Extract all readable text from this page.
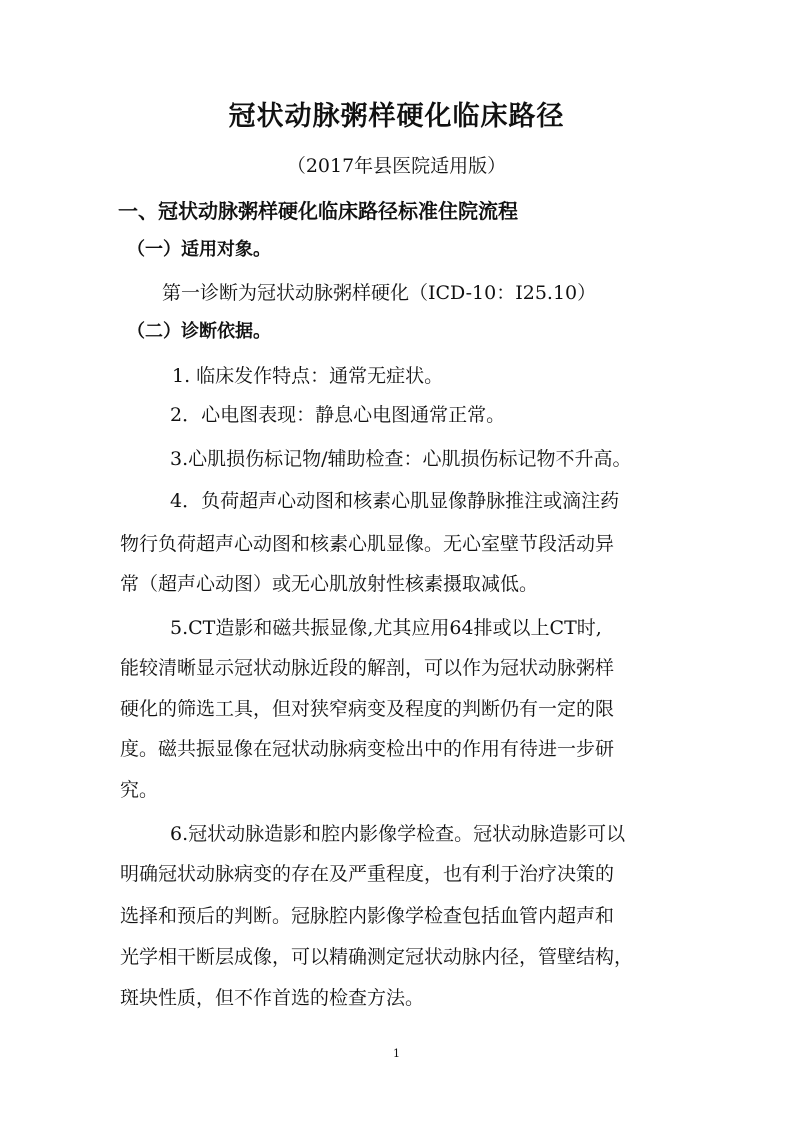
冠状动脉粥样硬化临床路径
（2017年县医院适用版）
一、冠状动脉粥样硬化临床路径标准住院流程
（一）适用对象。
第一诊断为冠状动脉粥样硬化（ICD-10：I25.10）
（二）诊断依据。
1. 临床发作特点：通常无症状。
2．心电图表现：静息心电图通常正常。
3.心肌损伤标记物/辅助检查：心肌损伤标记物不升高。
4．负荷超声心动图和核素心肌显像静脉推注或滴注药
物行负荷超声心动图和核素心肌显像。无心室壁节段活动异
常（超声心动图）或无心肌放射性核素摄取减低。
5.CT造影和磁共振显像,尤其应用64排或以上CT时,
能较清晰显示冠状动脉近段的解剖，可以作为冠状动脉粥样
硬化的筛选工具，但对狭窄病变及程度的判断仍有一定的限
度。磁共振显像在冠状动脉病变检出中的作用有待进一步研
究。
6.冠状动脉造影和腔内影像学检查。冠状动脉造影可以
明确冠状动脉病变的存在及严重程度，也有利于治疗决策的
选择和预后的判断。冠脉腔内影像学检查包括血管内超声和
光学相干断层成像，可以精确测定冠状动脉内径，管壁结构，
斑块性质，但不作首选的检查方法。
1
